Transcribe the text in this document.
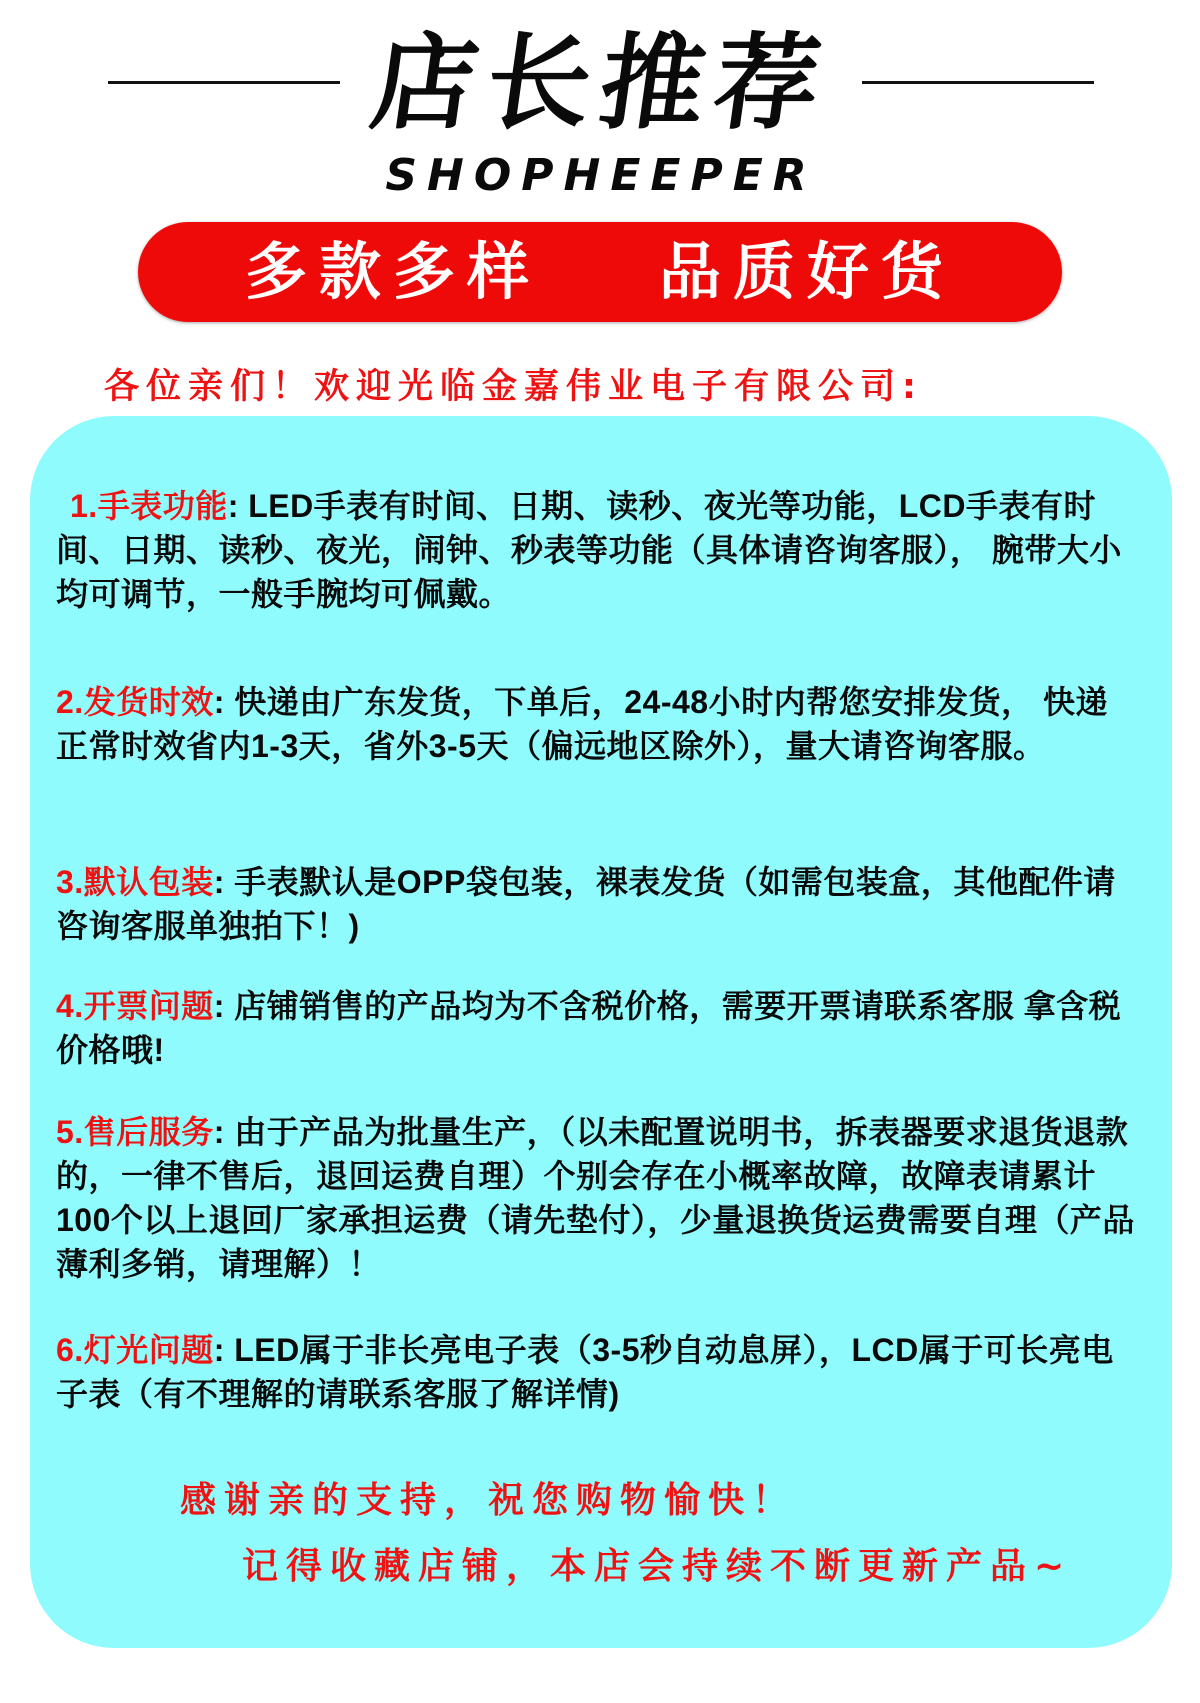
店长推荐
SHOPHEEPER
多款多样 品质好货
各位亲们！欢迎光临金嘉伟业电子有限公司:
1.手表功能: LED手表有时间、日期、读秒、夜光等功能，LCD手表有时间、日期、读秒、夜光，闹钟、秒表等功能（具体请咨询客服）， 腕带大小均可调节，一般手腕均可佩戴。
2.发货时效: 快递由广东发货，下单后，24-48小时内帮您安排发货， 快递正常时效省内1-3天，省外3-5天（偏远地区除外），量大请咨询客服。
3.默认包装: 手表默认是OPP袋包装，裸表发货（如需包装盒，其他配件请咨询客服单独拍下！)
4.开票问题: 店铺销售的产品均为不含税价格，需要开票请联系客服 拿含税价格哦!
5.售后服务: 由于产品为批量生产，（以未配置说明书，拆表器要求退货退款的，一律不售后，退回运费自理）个别会存在小概率故障，故障表请累计100个以上退回厂家承担运费（请先垫付），少量退换货运费需要自理（产品薄利多销，请理解）！
6.灯光问题: LED属于非长亮电子表（3-5秒自动息屏），LCD属于可长亮电子表（有不理解的请联系客服了解详情)
感谢亲的支持，祝您购物愉快！
记得收藏店铺，本店会持续不断更新产品~
